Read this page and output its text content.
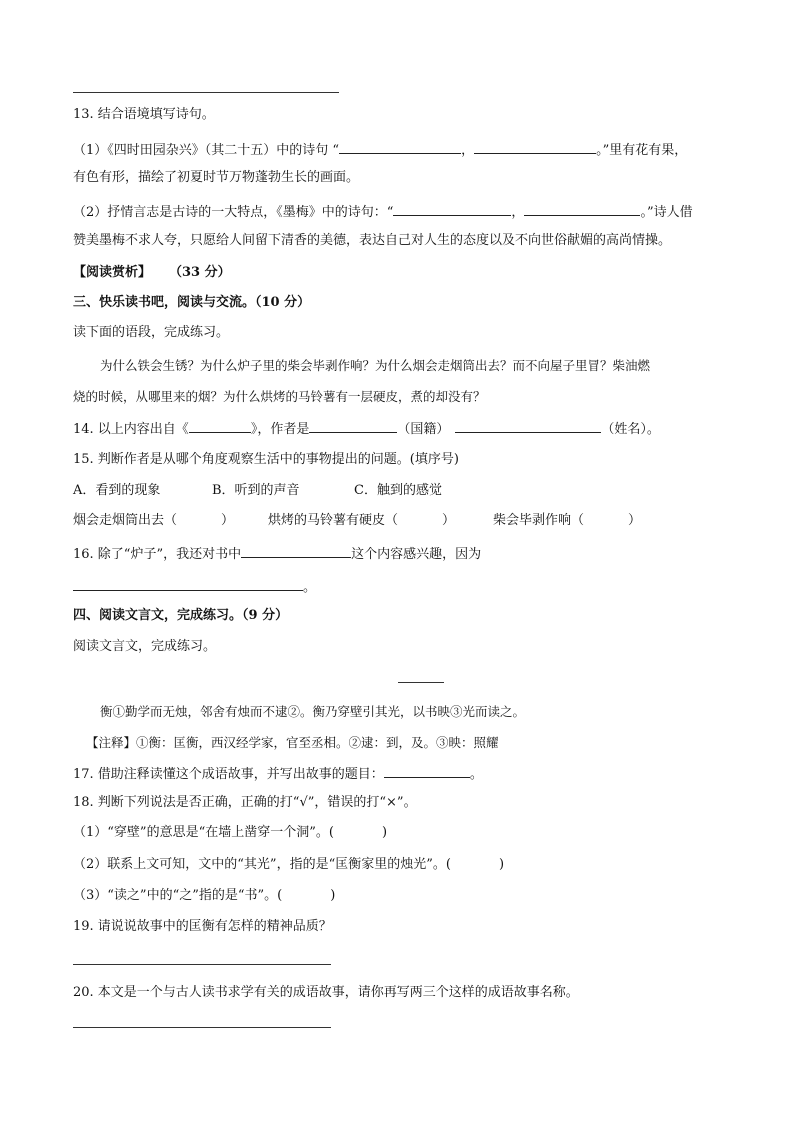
13. 结合语境填写诗句。
（1）《四时田园杂兴》（其二十五）中的诗句 “	，	。”里有花有果，
有色有形，描绘了初夏时节万物蓬勃生长的画面。
（2）抒情言志是古诗的一大特点，《墨梅》中的诗句：“	，	。”诗人借
赞美墨梅不求人夸，只愿给人间留下清香的美德，表达自己对人生的态度以及不向世俗献媚的高尚情操。
【阅读赏析】 （33 分）
三、快乐读书吧，阅读与交流。（10 分）
读下面的语段，完成练习。
为什么铁会生锈？为什么炉子里的柴会毕剥作响？为什么烟会走烟筒出去？而不向屋子里冒？柴油燃
烧的时候，从哪里来的烟？为什么烘烤的马铃薯有一层硬皮，煮的却没有？
14. 以上内容出自《	》，作者是	（国籍）	（姓名）。
15. 判断作者是从哪个角度观察生活中的事物提出的问题。(填序号)
A．看到的现象	B．听到的声音	C．触到的感觉
烟会走烟筒出去（	）	烘烤的马铃薯有硬皮（	）	柴会毕剥作响（	）
16. 除了“炉子”，我还对书中	这个内容感兴趣，因为
。
四、阅读文言文，完成练习。（9 分）
阅读文言文，完成练习。
衡①勤学而无烛，邻舍有烛而不逮②。衡乃穿壁引其光，以书映③光而读之。
【注释】①衡：匡衡，西汉经学家，官至丞相。②逮：到，及。③映：照耀
17. 借助注释读懂这个成语故事，并写出故事的题目：	。
18. 判断下列说法是否正确，正确的打“√”，错误的打“×”。
（1）“穿壁”的意思是“在墙上凿穿一个洞”。(	)
（2）联系上文可知，文中的“其光”，指的是“匡衡家里的烛光”。(	)
（3）“读之”中的“之”指的是“书”。(	)
19. 请说说故事中的匡衡有怎样的精神品质？
20. 本文是一个与古人读书求学有关的成语故事，请你再写两三个这样的成语故事名称。
